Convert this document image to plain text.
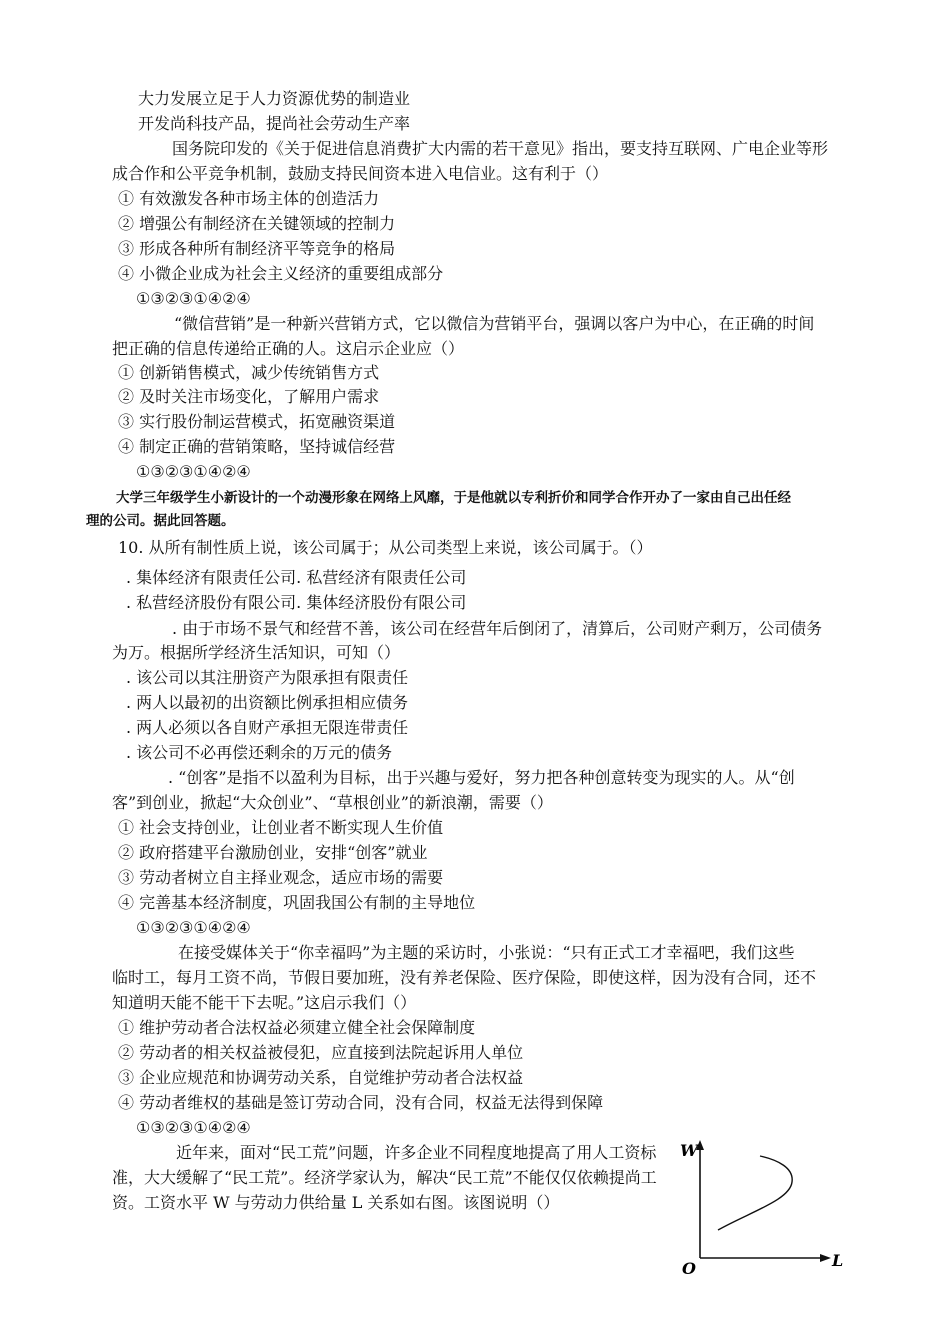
大力发展立足于人力资源优势的制造业
开发尚科技产品，提尚社会劳动生产率
国务院印发的《关于促进信息消费扩大内需的若干意见》指出，要支持互联网、广电企业等形
成合作和公平竞争机制，鼓励支持民间资本进入电信业。这有利于（）
① 有效激发各种市场主体的创造活力
② 增强公有制经济在关键领域的控制力
③ 形成各种所有制经济平等竞争的格局
④ 小微企业成为社会主义经济的重要组成部分
①③②③①④②④
“微信营销”是一种新兴营销方式，它以微信为营销平台，强调以客户为中心，在正确的时间
把正确的信息传递给正确的人。这启示企业应（）
① 创新销售模式，减少传统销售方式
② 及时关注市场变化，了解用户需求
③ 实行股份制运营模式，拓宽融资渠道
④ 制定正确的营销策略，坚持诚信经营
①③②③①④②④
大学三年级学生小新设计的一个动漫形象在网络上风靡，于是他就以专利折价和同学合作开办了一家由自己出任经
理的公司。据此回答题。
10. 从所有制性质上说，该公司属于；从公司类型上来说，该公司属于。（）
. 集体经济有限责任公司. 私营经济有限责任公司
. 私营经济股份有限公司. 集体经济股份有限公司
. 由于市场不景气和经营不善，该公司在经营年后倒闭了，清算后，公司财产剩万，公司债务
为万。根据所学经济生活知识，可知（）
. 该公司以其注册资产为限承担有限责任
. 两人以最初的出资额比例承担相应债务
. 两人必须以各自财产承担无限连带责任
. 该公司不必再偿还剩余的万元的债务
. “创客”是指不以盈利为目标，出于兴趣与爱好，努力把各种创意转变为现实的人。从“创
客”到创业，掀起“大众创业”、“草根创业”的新浪潮，需要（）
① 社会支持创业，让创业者不断实现人生价值
② 政府搭建平台激励创业，安排“创客”就业
③ 劳动者树立自主择业观念，适应市场的需要
④ 完善基本经济制度，巩固我国公有制的主导地位
①③②③①④②④
在接受媒体关于“你幸福吗”为主题的采访时，小张说：“只有正式工才幸福吧，我们这些
临时工，每月工资不尚，节假日要加班，没有养老保险、医疗保险，即使这样，因为没有合同，还不
知道明天能不能干下去呢。”这启示我们（）
① 维护劳动者合法权益必须建立健全社会保障制度
② 劳动者的相关权益被侵犯，应直接到法院起诉用人单位
③ 企业应规范和协调劳动关系，自觉维护劳动者合法权益
④ 劳动者维权的基础是签订劳动合同，没有合同，权益无法得到保障
①③②③①④②④
近年来，面对“民工荒”问题，许多企业不同程度地提高了用人工资标准，大大缓解了“民工荒”。经济学家认为，解决“民工荒”不能仅仅依赖提尚工资。工资水平 W 与劳动力供给量 L 关系如右图。该图说明（）
W
L
O
